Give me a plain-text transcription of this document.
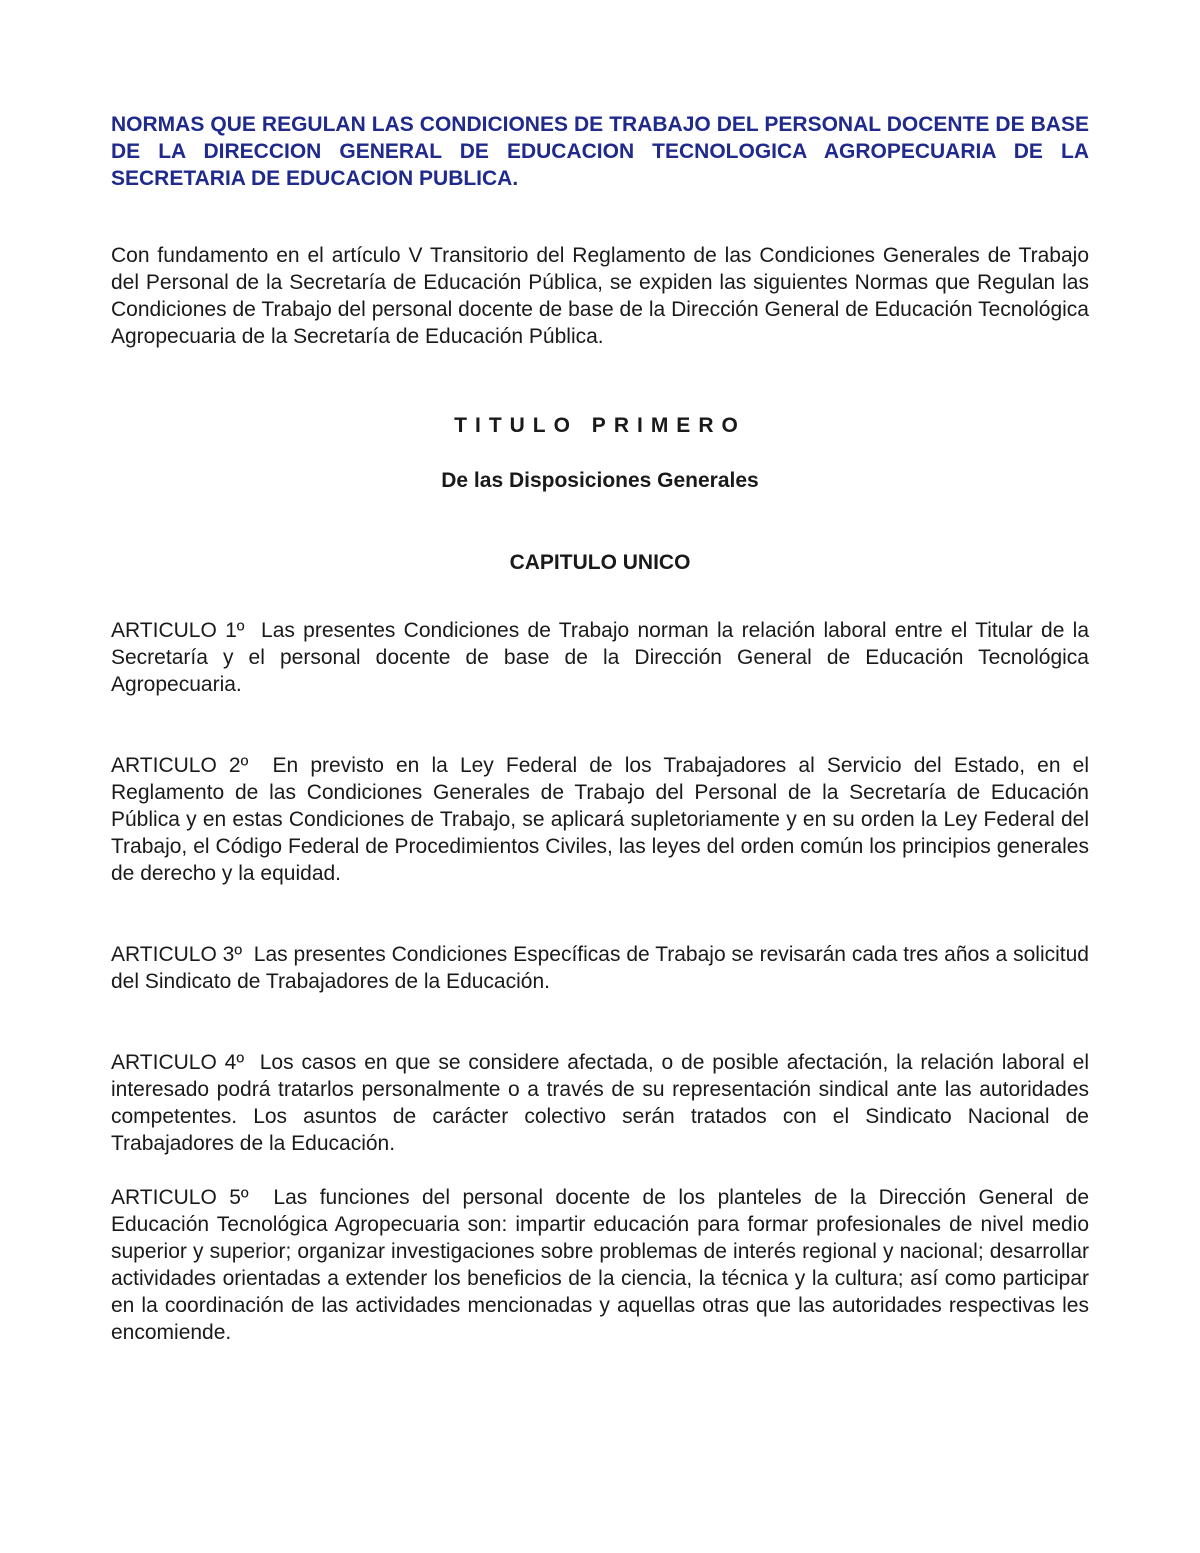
NORMAS QUE REGULAN LAS CONDICIONES DE TRABAJO DEL PERSONAL DOCENTE DE BASE DE LA DIRECCION GENERAL DE EDUCACION TECNOLOGICA AGROPECUARIA DE LA SECRETARIA DE EDUCACION PUBLICA.

Con fundamento en el artículo V Transitorio del Reglamento de las Condiciones Generales de Trabajo del Personal de la Secretaría de Educación Pública, se expiden las siguientes Normas que Regulan las Condiciones de Trabajo del personal docente de base de la Dirección General de Educación Tecnológica Agropecuaria de la Secretaría de Educación Pública.

TITULO PRIMERO
De las Disposiciones Generales
CAPITULO UNICO

ARTICULO 1º Las presentes Condiciones de Trabajo norman la relación laboral entre el Titular de la Secretaría y el personal docente de base de la Dirección General de Educación Tecnológica Agropecuaria.

ARTICULO 2º En previsto en la Ley Federal de los Trabajadores al Servicio del Estado, en el Reglamento de las Condiciones Generales de Trabajo del Personal de la Secretaría de Educación Pública y en estas Condiciones de Trabajo, se aplicará supletoriamente y en su orden la Ley Federal del Trabajo, el Código Federal de Procedimientos Civiles, las leyes del orden común los principios generales de derecho y la equidad.

ARTICULO 3º Las presentes Condiciones Específicas de Trabajo se revisarán cada tres años a solicitud del Sindicato de Trabajadores de la Educación.

ARTICULO 4º Los casos en que se considere afectada, o de posible afectación, la relación laboral el interesado podrá tratarlos personalmente o a través de su representación sindical ante las autoridades competentes. Los asuntos de carácter colectivo serán tratados con el Sindicato Nacional de Trabajadores de la Educación.

ARTICULO 5º Las funciones del personal docente de los planteles de la Dirección General de Educación Tecnológica Agropecuaria son: impartir educación para formar profesionales de nivel medio superior y superior; organizar investigaciones sobre problemas de interés regional y nacional; desarrollar actividades orientadas a extender los beneficios de la ciencia, la técnica y la cultura; así como participar en la coordinación de las actividades mencionadas y aquellas otras que las autoridades respectivas les encomiende.
